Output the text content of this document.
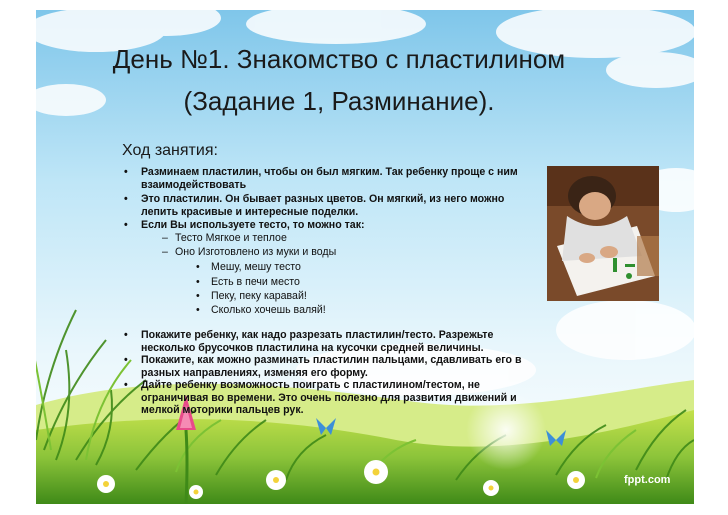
День №1. Знакомство с пластилином
(Задание 1, Разминание).
Ход занятия:
• Разминаем пластилин, чтобы он был мягким. Так ребенку проще с ним
взаимодействовать
• Это пластилин. Он бывает разных цветов. Он мягкий, из него можно
лепить красивые и интересные поделки.
• Если Вы используете тесто, то можно так:
– Тесто Мягкое и теплое
– Оно Изготовлено из муки и воды
• Мешу, мешу тесто
• Есть в печи место
• Пеку, пеку каравай!
• Сколько хочешь валяй!
• Покажите ребенку, как надо разрезать пластилин/тесто. Разрежьте
несколько брусочков пластилина на кусочки средней величины.
• Покажите, как можно разминать пластилин пальцами, сдавливать его в
разных направлениях, изменяя его форму.
• Дайте ребенку возможность поиграть с пластилином/тестом, не
ограничивая во времени. Это очень полезно для развития движений и
мелкой моторики пальцев рук.
fppt.com
